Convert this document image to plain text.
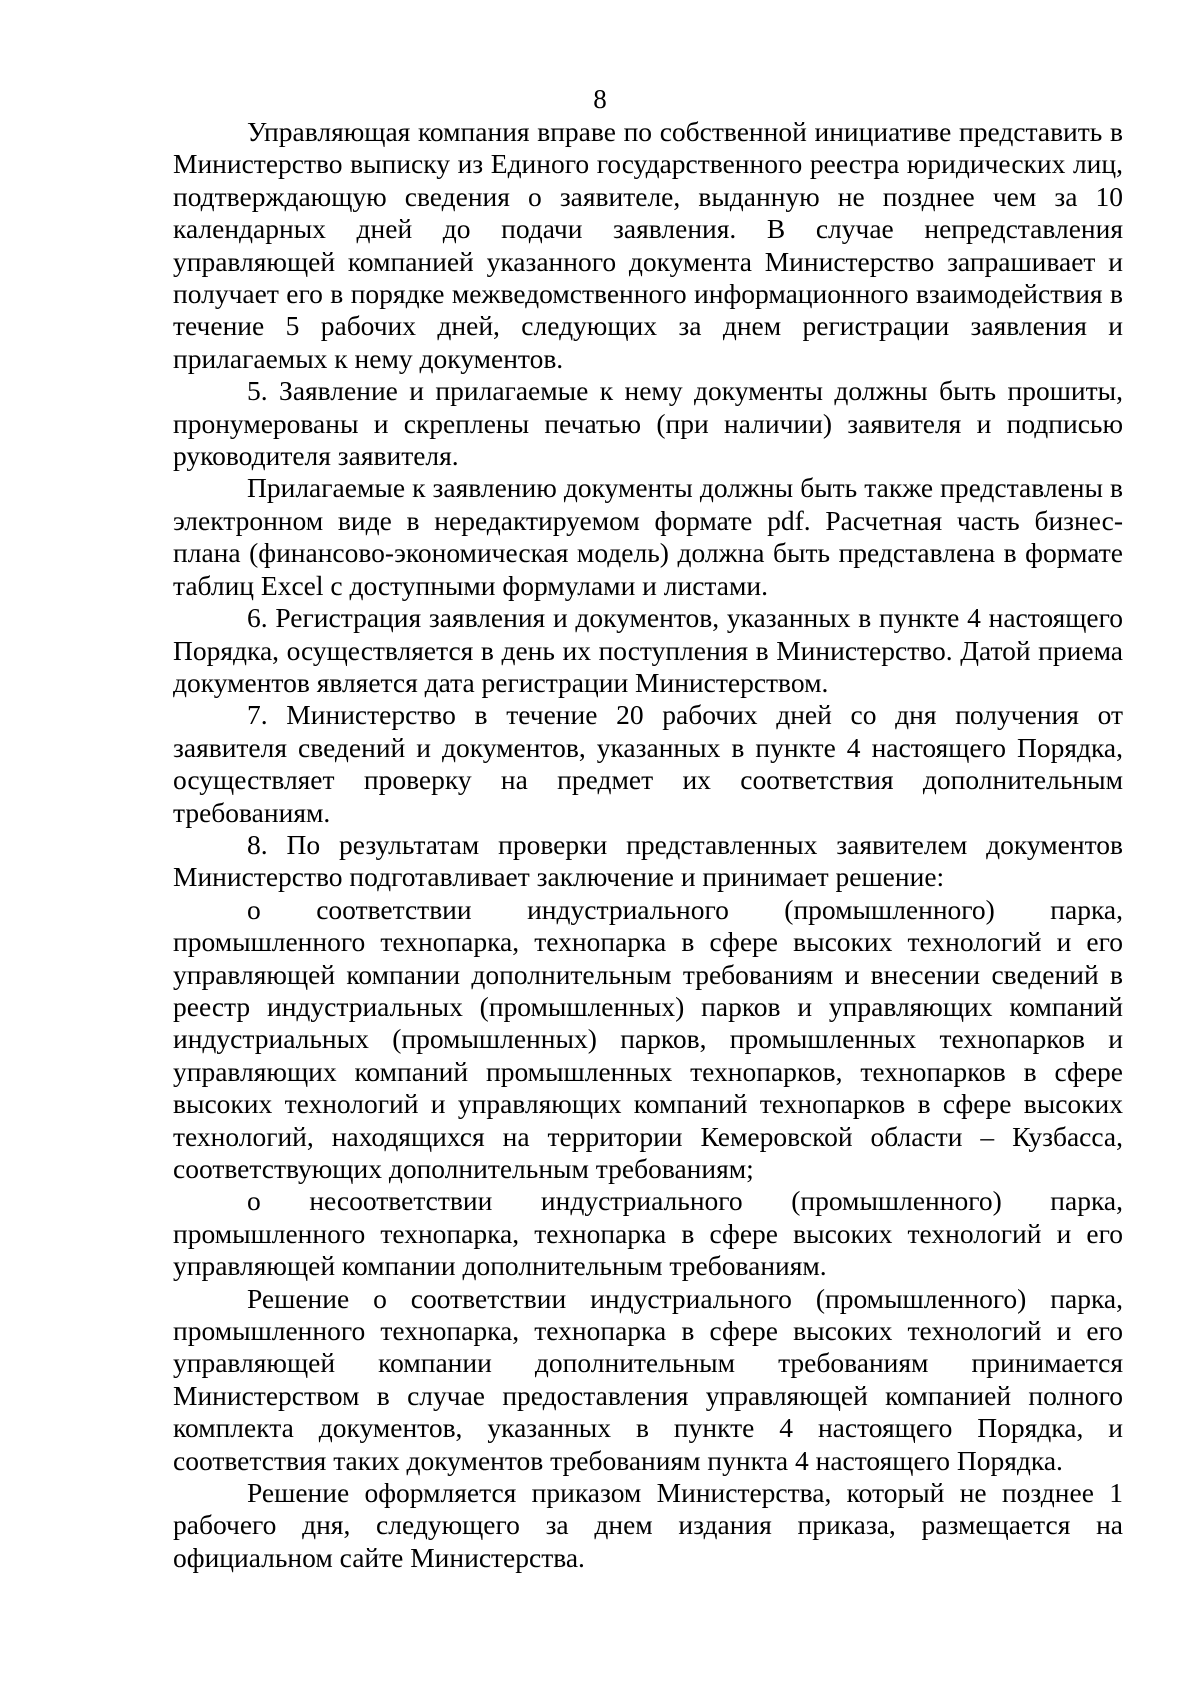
8

Управляющая компания вправе по собственной инициативе представить в Министерство выписку из Единого государственного реестра юридических лиц, подтверждающую сведения о заявителе, выданную не позднее чем за 10 календарных дней до подачи заявления. В случае непредставления управляющей компанией указанного документа Министерство запрашивает и получает его в порядке межведомственного информационного взаимодействия в течение 5 рабочих дней, следующих за днем регистрации заявления и прилагаемых к нему документов.

5. Заявление и прилагаемые к нему документы должны быть прошиты, пронумерованы и скреплены печатью (при наличии) заявителя и подписью руководителя заявителя.

Прилагаемые к заявлению документы должны быть также представлены в электронном виде в нередактируемом формате pdf. Расчетная часть бизнес-плана (финансово-экономическая модель) должна быть представлена в формате таблиц Excel с доступными формулами и листами.

6. Регистрация заявления и документов, указанных в пункте 4 настоящего Порядка, осуществляется в день их поступления в Министерство. Датой приема документов является дата регистрации Министерством.

7. Министерство в течение 20 рабочих дней со дня получения от заявителя сведений и документов, указанных в пункте 4 настоящего Порядка, осуществляет проверку на предмет их соответствия дополнительным требованиям.

8. По результатам проверки представленных заявителем документов Министерство подготавливает заключение и принимает решение:

о соответствии индустриального (промышленного) парка, промышленного технопарка, технопарка в сфере высоких технологий и его управляющей компании дополнительным требованиям и внесении сведений в реестр индустриальных (промышленных) парков и управляющих компаний индустриальных (промышленных) парков, промышленных технопарков и управляющих компаний промышленных технопарков, технопарков в сфере высоких технологий и управляющих компаний технопарков в сфере высоких технологий, находящихся на территории Кемеровской области – Кузбасса, соответствующих дополнительным требованиям;

о несоответствии индустриального (промышленного) парка, промышленного технопарка, технопарка в сфере высоких технологий и его управляющей компании дополнительным требованиям.

Решение о соответствии индустриального (промышленного) парка, промышленного технопарка, технопарка в сфере высоких технологий и его управляющей компании дополнительным требованиям принимается Министерством в случае предоставления управляющей компанией полного комплекта документов, указанных в пункте 4 настоящего Порядка, и соответствия таких документов требованиям пункта 4 настоящего Порядка.

Решение оформляется приказом Министерства, который не позднее 1 рабочего дня, следующего за днем издания приказа, размещается на официальном сайте Министерства.
